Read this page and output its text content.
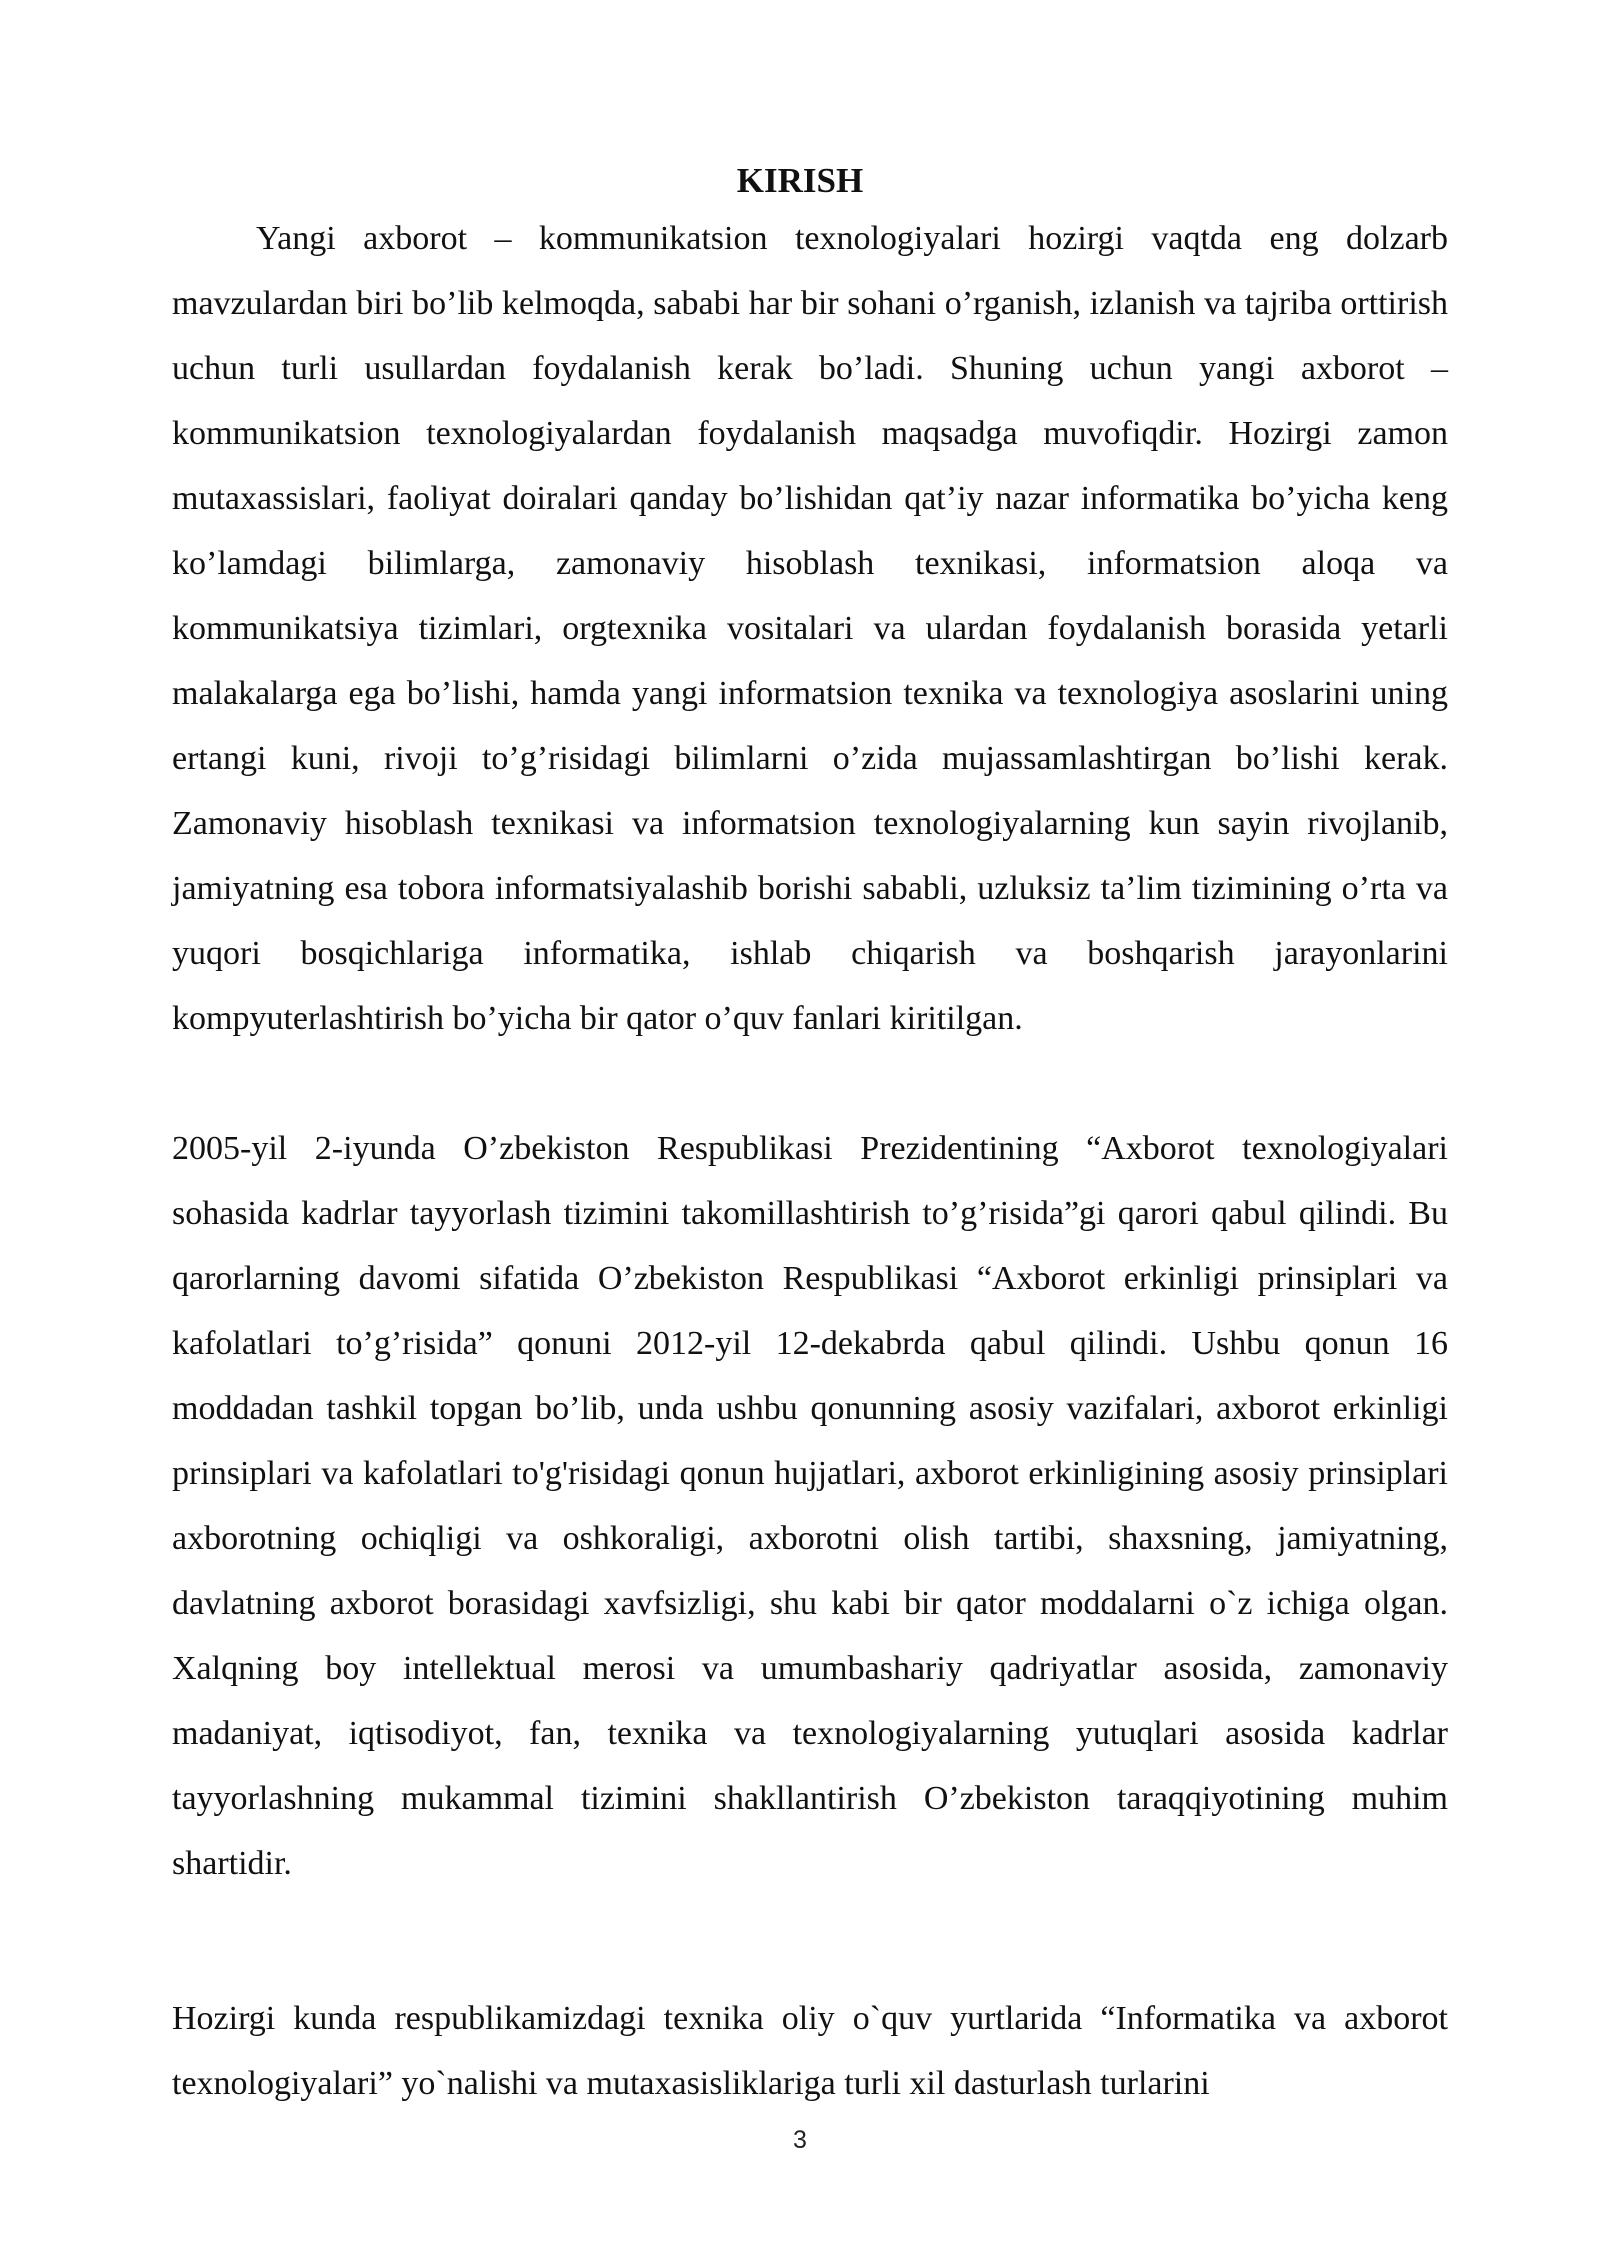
KIRISH

Yangi axborot – kommunikatsion texnologiyalari hozirgi vaqtda eng dolzarb mavzulardan biri bo’lib kelmoqda, sababi har bir sohani o’rganish, izlanish va tajriba orttirish uchun turli usullardan foydalanish kerak bo’ladi. Shuning uchun yangi axborot – kommunikatsion texnologiyalardan foydalanish maqsadga muvofiqdir. Hozirgi zamon mutaxassislari, faoliyat doiralari qanday bo’lishidan qat’iy nazar informatika bo’yicha keng ko’lamdagi bilimlarga, zamonaviy hisoblash texnikasi, informatsion aloqa va kommunikatsiya tizimlari, orgtexnika vositalari va ulardan foydalanish borasida yetarli malakalarga ega bo’lishi, hamda yangi informatsion texnika va texnologiya asoslarini uning ertangi kuni, rivoji to’g’risidagi bilimlarni o’zida mujassamlashtirgan bo’lishi kerak. Zamonaviy hisoblash texnikasi va informatsion texnologiyalarning kun sayin rivojlanib, jamiyatning esa tobora informatsiyalashib borishi sababli, uzluksiz ta’lim tizimining o’rta va yuqori bosqichlariga informatika, ishlab chiqarish va boshqarish jarayonlarini kompyuterlashtirish bo’yicha bir qator o’quv fanlari kiritilgan.

2005-yil 2-iyunda O’zbekiston Respublikasi Prezidentining “Axborot texnologiyalari sohasida kadrlar tayyorlash tizimini takomillashtirish to’g’risida”gi qarori qabul qilindi. Bu qarorlarning davomi sifatida O’zbekiston Respublikasi “Axborot erkinligi prinsiplari va kafolatlari to’g’risida” qonuni 2012-yil 12-dekabrda qabul qilindi. Ushbu qonun 16 moddadan tashkil topgan bo’lib, unda ushbu qonunning asosiy vazifalari, axborot erkinligi prinsiplari va kafolatlari to'g'risidagi qonun hujjatlari, axborot erkinligining asosiy prinsiplari axborotning ochiqligi va oshkoraligi, axborotni olish tartibi, shaxsning, jamiyatning, davlatning axborot borasidagi xavfsizligi, shu kabi bir qator moddalarni o`z ichiga olgan. Xalqning boy intellektual merosi va umumbashariy qadriyatlar asosida, zamonaviy madaniyat, iqtisodiyot, fan, texnika va texnologiyalarning yutuqlari asosida kadrlar tayyorlashning mukammal tizimini shakllantirish O’zbekiston taraqqiyotining muhim shartidir.

Hozirgi kunda respublikamizdagi texnika oliy o`quv yurtlarida “Informatika va axborot texnologiyalari” yo`nalishi va mutaxasisliklariga turli xil dasturlash turlarini

3
